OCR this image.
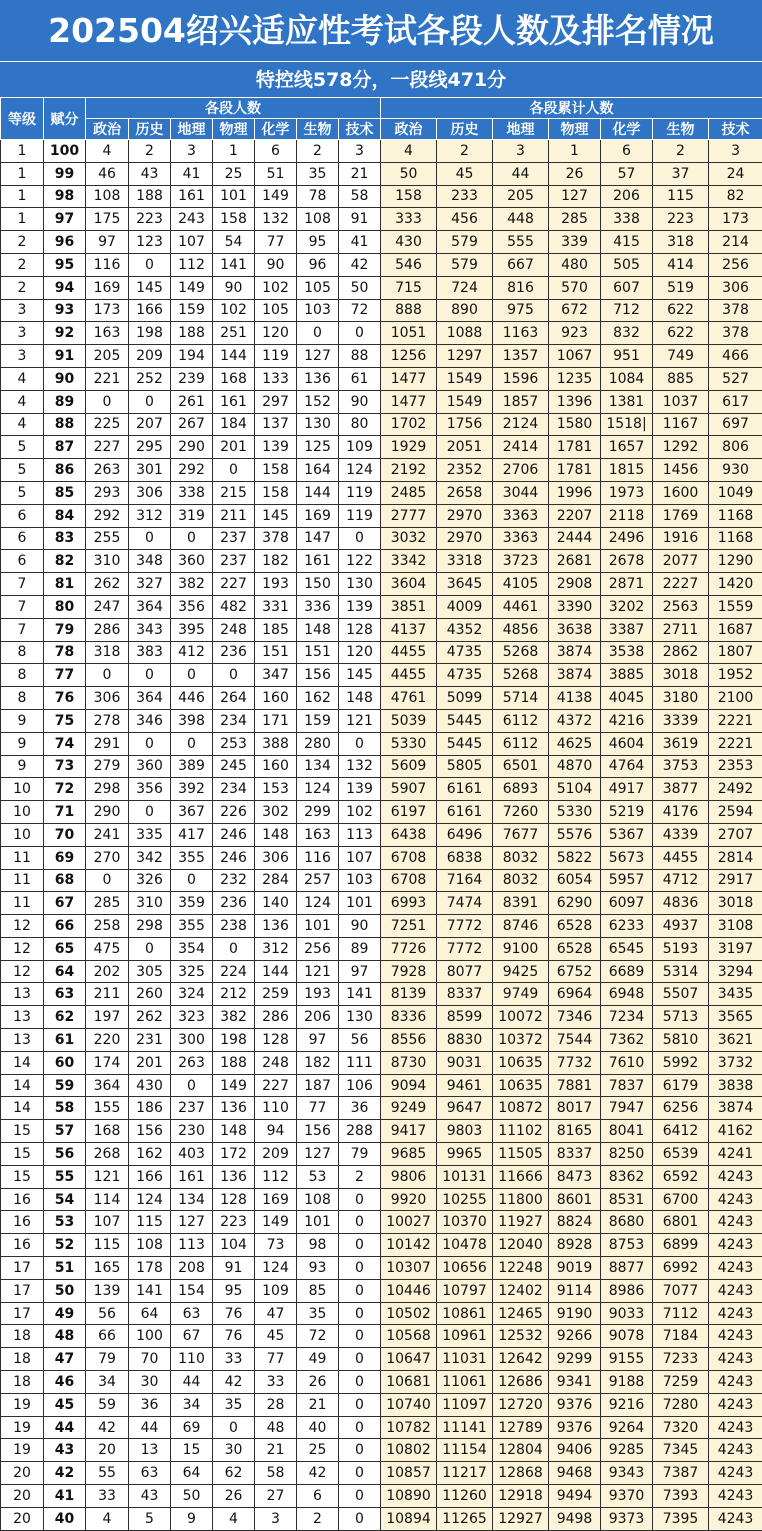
202504绍兴适应性考试各段人数及排名情况
特控线578分，一段线471分
等级	赋分	各段人数							各段累计人数						
		政治	历史	地理	物理	化学	生物	技术	政治	历史	地理	物理	化学	生物	技术
1	100	4	2	3	1	6	2	3	4	2	3	1	6	2	3
1	99	46	43	41	25	51	35	21	50	45	44	26	57	37	24
1	98	108	188	161	101	149	78	58	158	233	205	127	206	115	82
1	97	175	223	243	158	132	108	91	333	456	448	285	338	223	173
2	96	97	123	107	54	77	95	41	430	579	555	339	415	318	214
2	95	116	0	112	141	90	96	42	546	579	667	480	505	414	256
2	94	169	145	149	90	102	105	50	715	724	816	570	607	519	306
3	93	173	166	159	102	105	103	72	888	890	975	672	712	622	378
3	92	163	198	188	251	120	0	0	1051	1088	1163	923	832	622	378
3	91	205	209	194	144	119	127	88	1256	1297	1357	1067	951	749	466
4	90	221	252	239	168	133	136	61	1477	1549	1596	1235	1084	885	527
4	89	0	0	261	161	297	152	90	1477	1549	1857	1396	1381	1037	617
4	88	225	207	267	184	137	130	80	1702	1756	2124	1580	1518|	1167	697
5	87	227	295	290	201	139	125	109	1929	2051	2414	1781	1657	1292	806
5	86	263	301	292	0	158	164	124	2192	2352	2706	1781	1815	1456	930
5	85	293	306	338	215	158	144	119	2485	2658	3044	1996	1973	1600	1049
6	84	292	312	319	211	145	169	119	2777	2970	3363	2207	2118	1769	1168
6	83	255	0	0	237	378	147	0	3032	2970	3363	2444	2496	1916	1168
6	82	310	348	360	237	182	161	122	3342	3318	3723	2681	2678	2077	1290
7	81	262	327	382	227	193	150	130	3604	3645	4105	2908	2871	2227	1420
7	80	247	364	356	482	331	336	139	3851	4009	4461	3390	3202	2563	1559
7	79	286	343	395	248	185	148	128	4137	4352	4856	3638	3387	2711	1687
8	78	318	383	412	236	151	151	120	4455	4735	5268	3874	3538	2862	1807
8	77	0	0	0	0	347	156	145	4455	4735	5268	3874	3885	3018	1952
8	76	306	364	446	264	160	162	148	4761	5099	5714	4138	4045	3180	2100
9	75	278	346	398	234	171	159	121	5039	5445	6112	4372	4216	3339	2221
9	74	291	0	0	253	388	280	0	5330	5445	6112	4625	4604	3619	2221
9	73	279	360	389	245	160	134	132	5609	5805	6501	4870	4764	3753	2353
10	72	298	356	392	234	153	124	139	5907	6161	6893	5104	4917	3877	2492
10	71	290	0	367	226	302	299	102	6197	6161	7260	5330	5219	4176	2594
10	70	241	335	417	246	148	163	113	6438	6496	7677	5576	5367	4339	2707
11	69	270	342	355	246	306	116	107	6708	6838	8032	5822	5673	4455	2814
11	68	0	326	0	232	284	257	103	6708	7164	8032	6054	5957	4712	2917
11	67	285	310	359	236	140	124	101	6993	7474	8391	6290	6097	4836	3018
12	66	258	298	355	238	136	101	90	7251	7772	8746	6528	6233	4937	3108
12	65	475	0	354	0	312	256	89	7726	7772	9100	6528	6545	5193	3197
12	64	202	305	325	224	144	121	97	7928	8077	9425	6752	6689	5314	3294
13	63	211	260	324	212	259	193	141	8139	8337	9749	6964	6948	5507	3435
13	62	197	262	323	382	286	206	130	8336	8599	10072	7346	7234	5713	3565
13	61	220	231	300	198	128	97	56	8556	8830	10372	7544	7362	5810	3621
14	60	174	201	263	188	248	182	111	8730	9031	10635	7732	7610	5992	3732
14	59	364	430	0	149	227	187	106	9094	9461	10635	7881	7837	6179	3838
14	58	155	186	237	136	110	77	36	9249	9647	10872	8017	7947	6256	3874
15	57	168	156	230	148	94	156	288	9417	9803	11102	8165	8041	6412	4162
15	56	268	162	403	172	209	127	79	9685	9965	11505	8337	8250	6539	4241
15	55	121	166	161	136	112	53	2	9806	10131	11666	8473	8362	6592	4243
16	54	114	124	134	128	169	108	0	9920	10255	11800	8601	8531	6700	4243
16	53	107	115	127	223	149	101	0	10027	10370	11927	8824	8680	6801	4243
16	52	115	108	113	104	73	98	0	10142	10478	12040	8928	8753	6899	4243
17	51	165	178	208	91	124	93	0	10307	10656	12248	9019	8877	6992	4243
17	50	139	141	154	95	109	85	0	10446	10797	12402	9114	8986	7077	4243
17	49	56	64	63	76	47	35	0	10502	10861	12465	9190	9033	7112	4243
18	48	66	100	67	76	45	72	0	10568	10961	12532	9266	9078	7184	4243
18	47	79	70	110	33	77	49	0	10647	11031	12642	9299	9155	7233	4243
18	46	34	30	44	42	33	26	0	10681	11061	12686	9341	9188	7259	4243
19	45	59	36	34	35	28	21	0	10740	11097	12720	9376	9216	7280	4243
19	44	42	44	69	0	48	40	0	10782	11141	12789	9376	9264	7320	4243
19	43	20	13	15	30	21	25	0	10802	11154	12804	9406	9285	7345	4243
20	42	55	63	64	62	58	42	0	10857	11217	12868	9468	9343	7387	4243
20	41	33	43	50	26	27	6	0	10890	11260	12918	9494	9370	7393	4243
20	40	4	5	9	4	3	2	0	10894	11265	12927	9498	9373	7395	4243
